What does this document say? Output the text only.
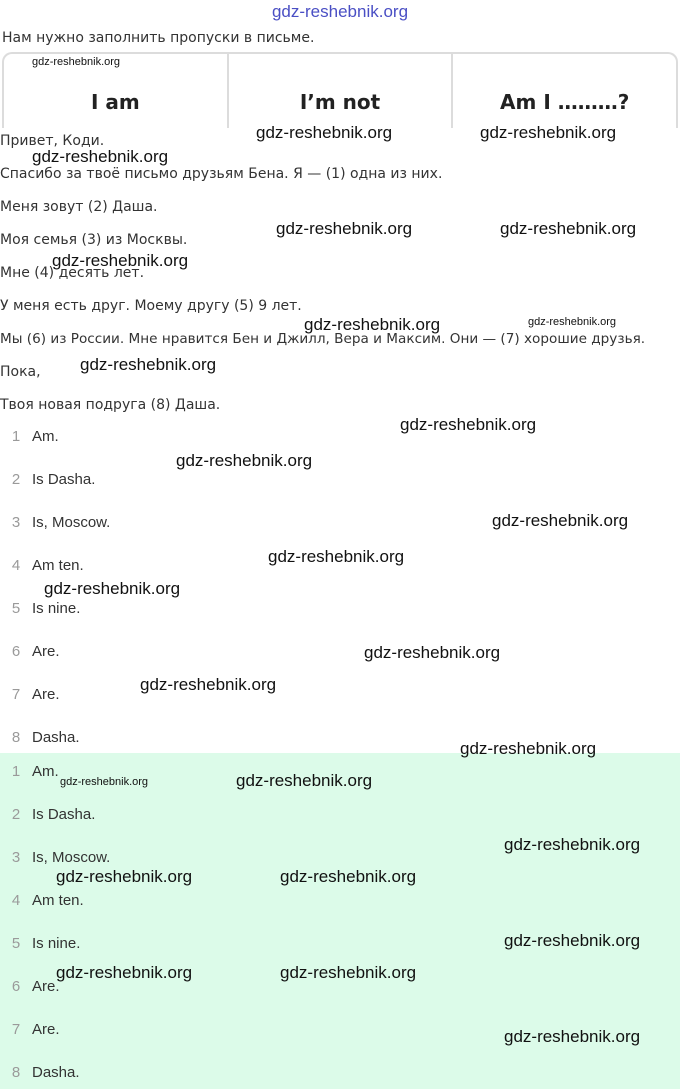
gdz-reshebnik.org
Нам нужно заполнить пропуски в письме.
I am	I’m not	Am I ………?
Привет, Коди.
Спасибо за твоё письмо друзьям Бена. Я — (1) одна из них.
Меня зовут (2) Даша.
Моя семья (3) из Москвы.
Мне (4) десять лет.
У меня есть друг. Моему другу (5) 9 лет.
Мы (6) из России. Мне нравится Бен и Джилл, Вера и Максим. Они — (7) хорошие друзья.
Пока,
Твоя новая подруга (8) Даша.
1 Am.
2 Is Dasha.
3 Is, Moscow.
4 Am ten.
5 Is nine.
6 Are.
7 Are.
8 Dasha.
1 Am.
2 Is Dasha.
3 Is, Moscow.
4 Am ten.
5 Is nine.
6 Are.
7 Are.
8 Dasha.
gdz-reshebnik.org
gdz-reshebnik.org	gdz-reshebnik.org
gdz-reshebnik.org
gdz-reshebnik.org	gdz-reshebnik.org
gdz-reshebnik.org
gdz-reshebnik.org	gdz-reshebnik.org
gdz-reshebnik.org
gdz-reshebnik.org
gdz-reshebnik.org
gdz-reshebnik.org
gdz-reshebnik.org
gdz-reshebnik.org
gdz-reshebnik.org
gdz-reshebnik.org
gdz-reshebnik.org
gdz-reshebnik.org	gdz-reshebnik.org
gdz-reshebnik.org
gdz-reshebnik.org	gdz-reshebnik.org
gdz-reshebnik.org
gdz-reshebnik.org	gdz-reshebnik.org
gdz-reshebnik.org
